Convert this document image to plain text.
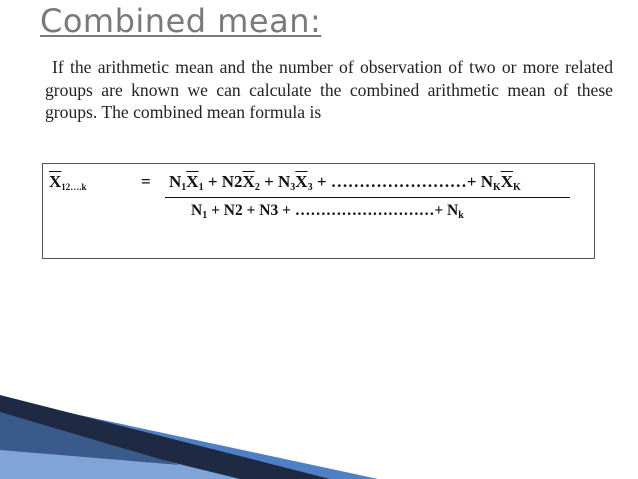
Combined mean:
If the arithmetic mean and the number of observation of two or more related groups are known we can calculate the combined arithmetic mean of these groups. The combined mean formula is
$\overline{X}_{12\dots.k}$	= $N_1\overline{X}_1 + N2\overline{X}_2 + N_3\overline{X}_3$ + ……………………+ $N_K\overline{X}_K$
$N_1 + N2 + N3$ + ………………………+ $N_k$
